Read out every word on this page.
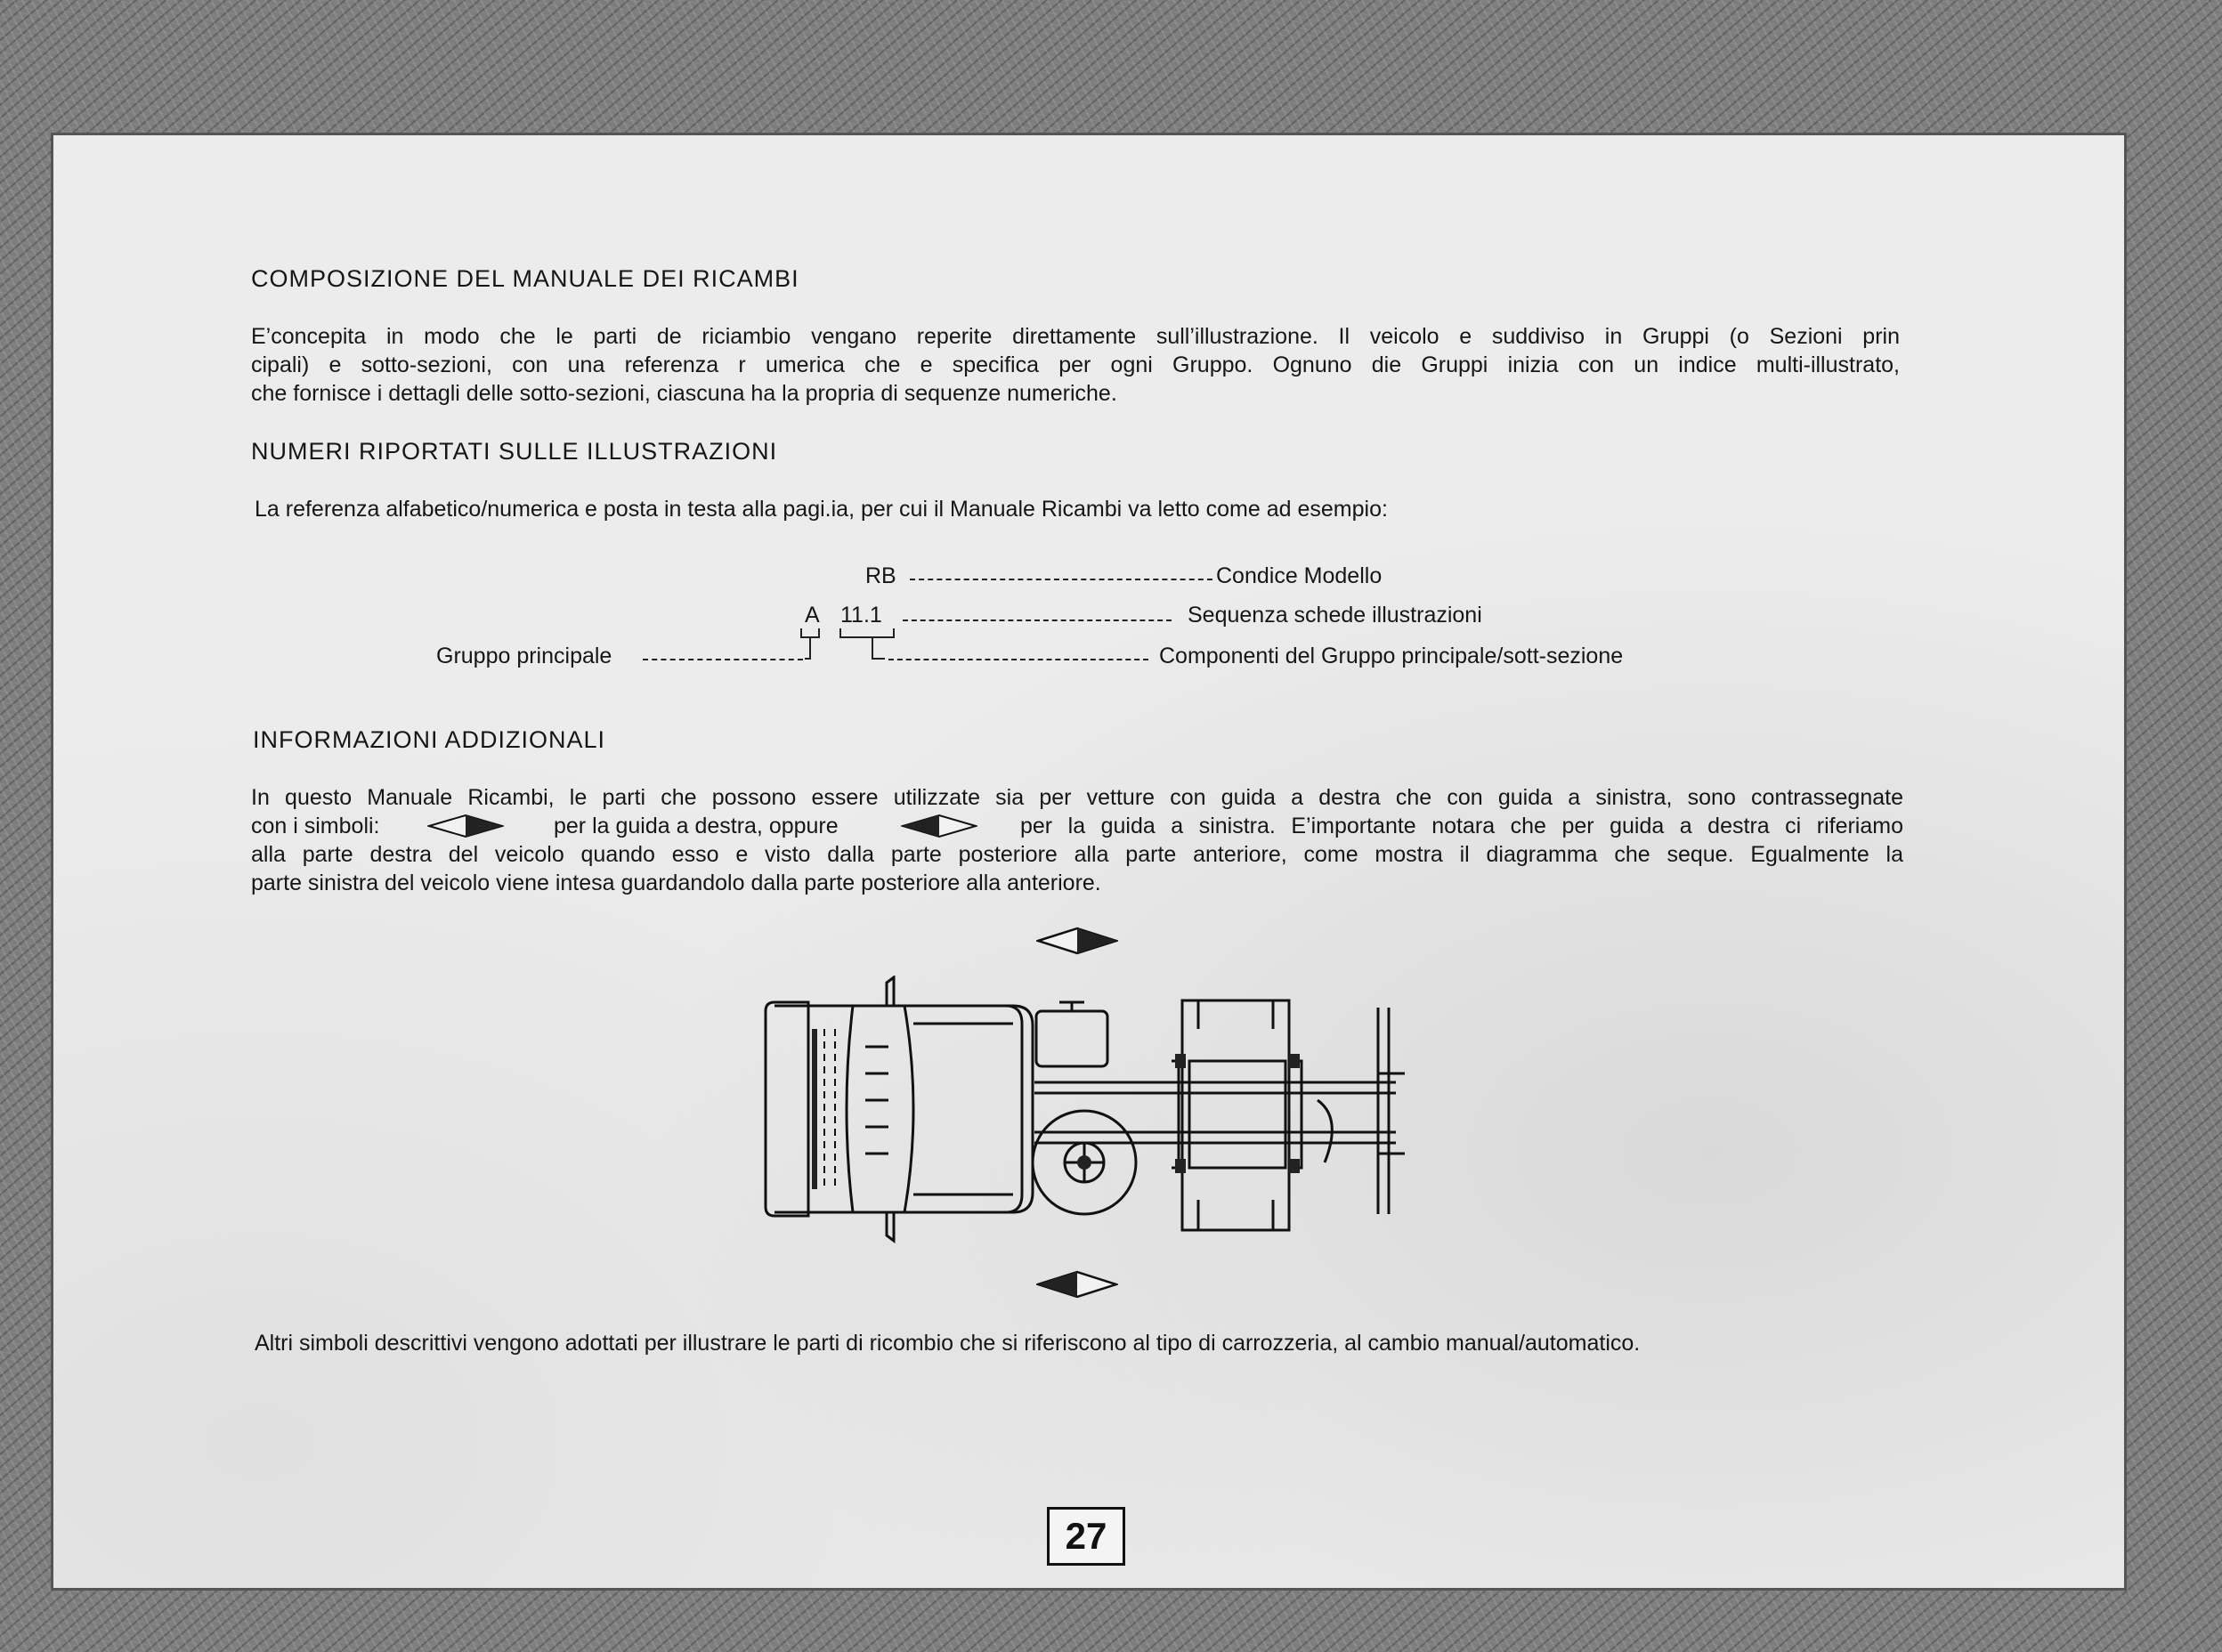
COMPOSIZIONE DEL MANUALE DEI RICAMBI
E’concepita in modo che le parti de riciambio vengano reperite direttamente sull’illustrazione. Il veicolo e suddiviso in Gruppi (o Sezioni prin
cipali) e sotto-sezioni, con una referenza r umerica che e specifica per ogni Gruppo. Ognuno die Gruppi inizia con un indice multi-illustrato,
che fornisce i dettagli delle sotto-sezioni, ciascuna ha la propria di sequenze numeriche.
NUMERI RIPORTATI SULLE ILLUSTRAZIONI
La referenza alfabetico/numerica e posta in testa alla pagi.ia, per cui il Manuale Ricambi va letto come ad esempio:
RB	Condice Modello
A 11.1	Sequenza schede illustrazioni
Gruppo principale	Componenti del Gruppo principale/sott-sezione
INFORMAZIONI ADDIZIONALI
In questo Manuale Ricambi, le parti che possono essere utilizzate sia per vetture con guida a destra che con guida a sinistra, sono contrassegnate
con i simboli:	per la guida a destra, oppure	per la guida a sinistra. E’importante notara che per guida a destra ci riferiamo
alla parte destra del veicolo quando esso e visto dalla parte posteriore alla parte anteriore, come mostra il diagramma che seque. Egualmente la
parte sinistra del veicolo viene intesa guardandolo dalla parte posteriore alla anteriore.
Altri simboli descrittivi vengono adottati per illustrare le parti di ricombio che si riferiscono al tipo di carrozzeria, al cambio manual/automatico.
27
